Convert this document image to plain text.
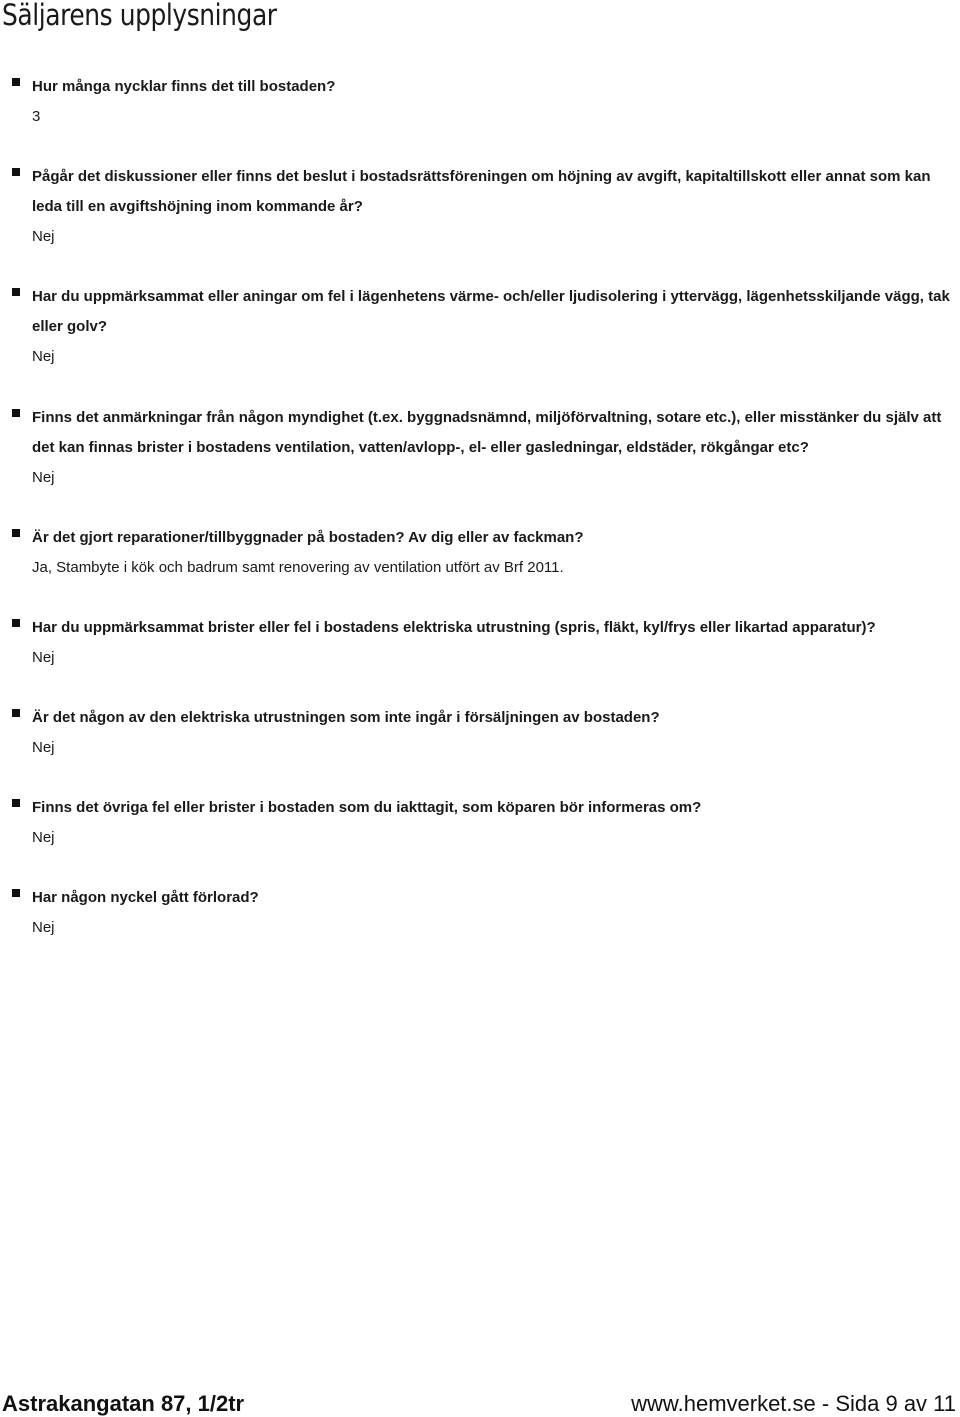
Säljarens upplysningar

Hur många nycklar finns det till bostaden?

3

Pågår det diskussioner eller finns det beslut i bostadsrättsföreningen om höjning av avgift, kapitaltillskott eller annat som kan leda till en avgiftshöjning inom kommande år?

Nej

Har du uppmärksammat eller aningar om fel i lägenhetens värme- och/eller ljudisolering i yttervägg, lägenhetsskiljande vägg, tak eller golv?

Nej

Finns det anmärkningar från någon myndighet (t.ex. byggnadsnämnd, miljöförvaltning, sotare etc.), eller misstänker du själv att det kan finnas brister i bostadens ventilation, vatten/avlopp-, el- eller gasledningar, eldstäder, rökgångar etc?

Nej

Är det gjort reparationer/tillbyggnader på bostaden? Av dig eller av fackman?

Ja, Stambyte i kök och badrum samt renovering av ventilation utfört av Brf 2011.

Har du uppmärksammat brister eller fel i bostadens elektriska utrustning (spris, fläkt, kyl/frys eller likartad apparatur)?

Nej

Är det någon av den elektriska utrustningen som inte ingår i försäljningen av bostaden?

Nej

Finns det övriga fel eller brister i bostaden som du iakttagit, som köparen bör informeras om?

Nej

Har någon nyckel gått förlorad?

Nej

Astrakangatan 87, 1/2tr	www.hemverket.se - Sida 9 av 11
